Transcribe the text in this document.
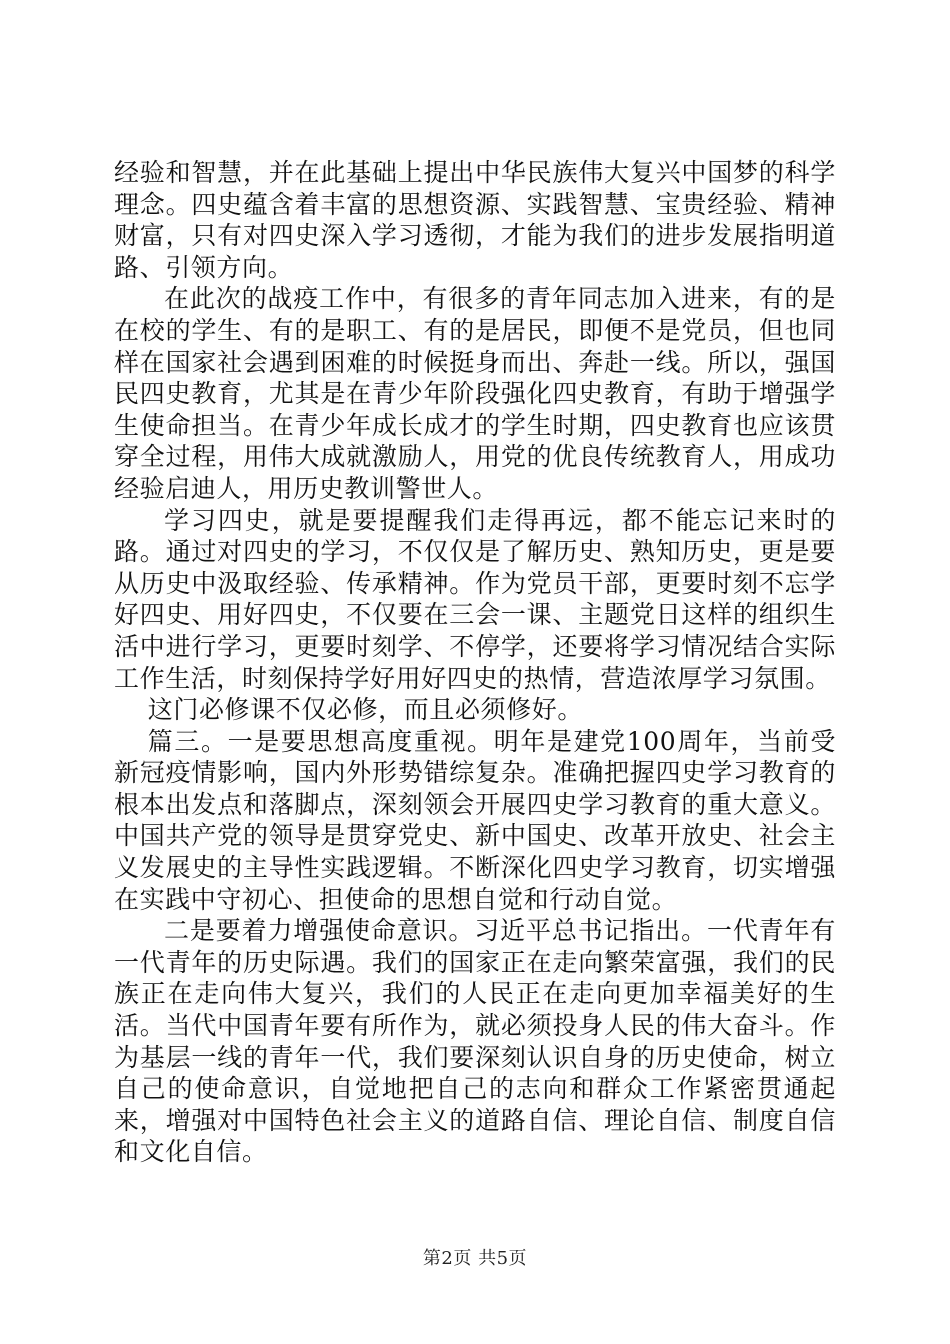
经验和智慧，并在此基础上提出中华民族伟大复兴中国梦的科学理念。四史蕴含着丰富的思想资源、实践智慧、宝贵经验、精神财富，只有对四史深入学习透彻，才能为我们的进步发展指明道路、引领方向。

在此次的战疫工作中，有很多的青年同志加入进来，有的是在校的学生、有的是职工、有的是居民，即便不是党员，但也同样在国家社会遇到困难的时候挺身而出、奔赴一线。所以，强国民四史教育，尤其是在青少年阶段强化四史教育，有助于增强学生使命担当。在青少年成长成才的学生时期，四史教育也应该贯穿全过程，用伟大成就激励人，用党的优良传统教育人，用成功经验启迪人，用历史教训警世人。

学习四史，就是要提醒我们走得再远，都不能忘记来时的路。通过对四史的学习，不仅仅是了解历史、熟知历史，更是要从历史中汲取经验、传承精神。作为党员干部，更要时刻不忘学好四史、用好四史，不仅要在三会一课、主题党日这样的组织生活中进行学习，更要时刻学、不停学，还要将学习情况结合实际工作生活，时刻保持学好用好四史的热情，营造浓厚学习氛围。

这门必修课不仅必修，而且必须修好。

篇三。一是要思想高度重视。明年是建党100周年，当前受新冠疫情影响，国内外形势错综复杂。准确把握四史学习教育的根本出发点和落脚点，深刻领会开展四史学习教育的重大意义。中国共产党的领导是贯穿党史、新中国史、改革开放史、社会主义发展史的主导性实践逻辑。不断深化四史学习教育，切实增强在实践中守初心、担使命的思想自觉和行动自觉。

二是要着力增强使命意识。习近平总书记指出。一代青年有一代青年的历史际遇。我们的国家正在走向繁荣富强，我们的民族正在走向伟大复兴，我们的人民正在走向更加幸福美好的生活。当代中国青年要有所作为，就必须投身人民的伟大奋斗。作为基层一线的青年一代，我们要深刻认识自身的历史使命，树立自己的使命意识，自觉地把自己的志向和群众工作紧密贯通起来，增强对中国特色社会主义的道路自信、理论自信、制度自信和文化自信。

第2页 共5页
